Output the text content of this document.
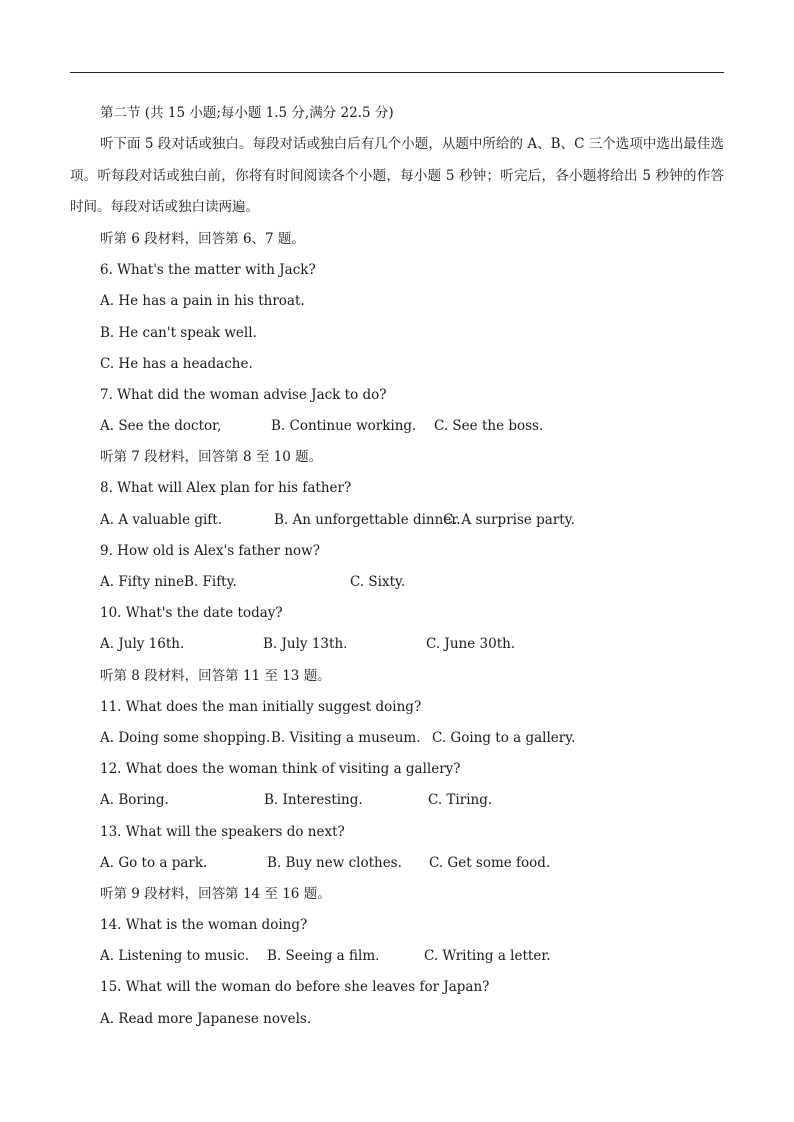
第二节 (共 15 小题;每小题 1.5 分,满分 22.5 分)
听下面 5 段对话或独白。每段对话或独白后有几个小题，从题中所给的 A、B、C 三个选项中选出最佳选项。听每段对话或独白前，你将有时间阅读各个小题，每小题 5 秒钟；听完后，各小题将给出 5 秒钟的作答时间。每段对话或独白读两遍。
听第 6 段材料，回答第 6、7 题。
6. What's the matter with Jack?
A. He has a pain in his throat.
B. He can't speak well.
C. He has a headache.
7. What did the woman advise Jack to do?
A. See the doctor,	B. Continue working.	C. See the boss.
听第 7 段材料，回答第 8 至 10 题。
8. What will Alex plan for his father?
A. A valuable gift.	B. An unforgettable dinner.
C. A surprise party.
9. How old is Alex's father now?
A. Fifty nine.
B. Fifty.	C. Sixty.
10. What's the date today?
A. July 16th.	B. July 13th.	C. June 30th.
听第 8 段材料，回答第 11 至 13 题。
11. What does the man initially suggest doing?
A. Doing some shopping. B. Visiting a museum. C. Going to a gallery.
12. What does the woman think of visiting a gallery?
A. Boring.	B. Interesting.	C. Tiring.
13. What will the speakers do next?
A. Go to a park.	B. Buy new clothes.	C. Get some food.
听第 9 段材料，回答第 14 至 16 题。
14. What is the woman doing?
A. Listening to music.	B. Seeing a film.	C. Writing a letter.
15. What will the woman do before she leaves for Japan?
A. Read more Japanese novels.
